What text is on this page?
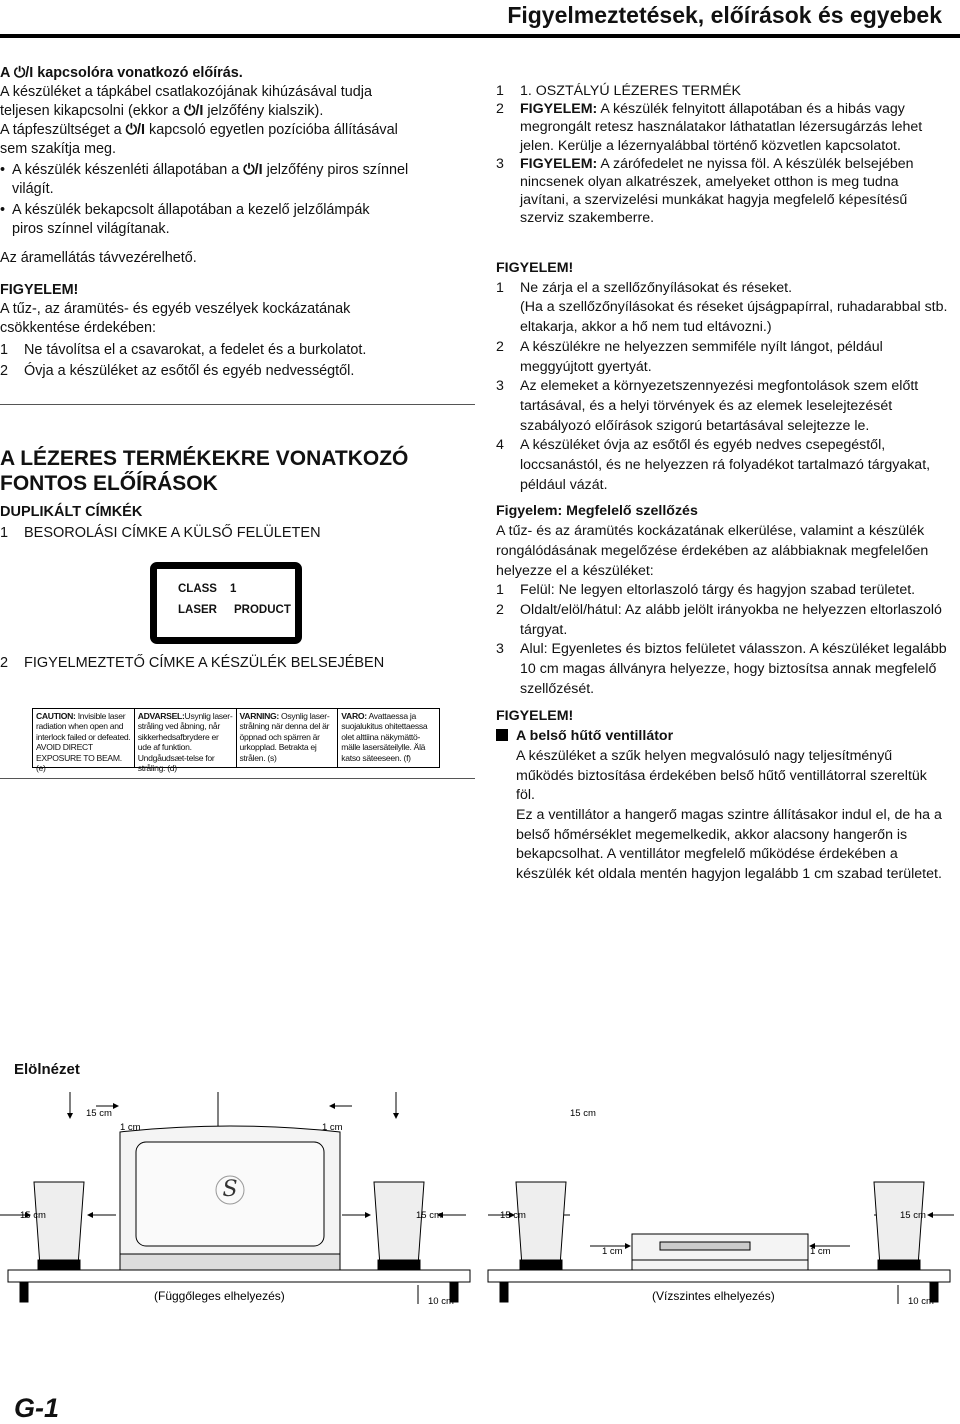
Figyelmeztetések, előírások és egyebek

A ⏻/I kapcsolóra vonatkozó előírás.

A készüléket a tápkábel csatlakozójának kihúzásával tudja

teljesen kikapcsolni (ekkor a ⏻/I jelzőfény kialszik).

A tápfeszültséget a ⏻/I kapcsoló egyetlen pozícióba állításával

sem szakítja meg.

• A készülék készenléti állapotában a ⏻/I jelzőfény piros színnel
világít.

• A készülék bekapcsolt állapotában a kezelő jelzőlámpák
piros színnel világítanak.

Az áramellátás távvezérelhető.

FIGYELEM!

A tűz-, az áramütés- és egyéb veszélyek kockázatának

csökkentése érdekében:

1	Ne távolítsa el a csavarokat, a fedelet és a burkolatot.
2	Óvja a készüléket az esőtől és egyéb nedvességtől.
A LÉZERES TERMÉKEKRE VONATKOZÓ
FONTOS ELŐÍRÁSOK
DUPLIKÁLT CÍMKÉK
1	BESOROLÁSI CÍMKE A KÜLSŐ FELÜLETEN
CLASS 1
LASER PRODUCT
2	FIGYELMEZTETŐ CÍMKE A KÉSZÜLÉK BELSEJÉBEN
CAUTION: Invisible laser radiation when open and interlock failed or defeated. AVOID DIRECT EXPOSURE TO BEAM. (e)
ADVARSEL:Usynlig laser-stråling ved åbning, når sikkerhedsafbrydere er ude af funktion. Undgåudsæt-telse for stråling. (d)
VARNING: Osynlig laser-strålning när denna del är öppnad och spärren är urkopplad. Betrakta ej strålen. (s)
VARO: Avattaessa ja suojalukitus ohitettaessa olet alttiina näkymättö-mälle lasersäteilylle. Älä katso säteeseen. (f)
1	1. OSZTÁLYÚ LÉZERES TERMÉK
2	FIGYELEM: A készülék felnyitott állapotában és a hibás vagy megrongált retesz használatakor láthatatlan lézersugárzás lehet jelen. Kerülje a lézernyalábbal történő közvetlen kapcsolatot.
3	FIGYELEM: A zárófedelet ne nyissa föl. A készülék belsejében nincsenek olyan alkatrészek, amelyeket otthon is meg tudna javítani, a szervizelési munkákat hagyja megfelelő képesítésű szerviz szakemberre.

FIGYELEM!

1	Ne zárja el a szellőzőnyílásokat és réseket.
(Ha a szellőzőnyílásokat és réseket újságpapírral, ruhadarabbal stb. eltakarja, akkor a hő nem tud eltávozni.)
2	A készülékre ne helyezzen semmiféle nyílt lángot, például meggyújtott gyertyát.
3	Az elemeket a környezetszennyezési megfontolások szem előtt tartásával, és a helyi törvények és az elemek leselejtezését szabályozó előírások szigorú betartásával selejtezze le.
4	A készüléket óvja az esőtől és egyéb nedves csepegéstől, loccsanástól, és ne helyezzen rá folyadékot tartalmazó tárgyakat, például vázát.

Figyelem: Megfelelő szellőzés

A tűz- és az áramütés kockázatának elkerülése, valamint a készülék rongálódásának megelőzése érdekében az alábbiaknak megfelelően helyezze el a készüléket:

1	Felül: Ne legyen eltorlaszoló tárgy és hagyjon szabad területet.
2	Oldalt/elöl/hátul: Az alább jelölt irányokba ne helyezzen eltorlaszoló tárgyat.
3	Alul: Egyenletes és biztos felületet válasszon. A készüléket legalább 10 cm magas állványra helyezze, hogy biztosítsa annak megfelelő szellőzését.

FIGYELEM!

A belső hűtő ventillátor

A készüléket a szűk helyen megvalósuló nagy teljesítményű működés biztosítása érdekében belső hűtő ventillátorral szereltük föl.

Ez a ventillátor a hangerő magas szintre állításakor indul el, de ha a belső hőmérséklet megemelkedik, akkor alacsony hangerőn is bekapcsolhat. A ventillátor megfelelő működése érdekében a készülék két oldala mentén hagyjon legalább 1 cm szabad területet.

Elölnézet
S
15 cm
1 cm	1 cm
15 cm
15 cm	15 cm	15 cm	15 cm
1 cm	1 cm
10 cm	10 cm
(Függőleges elhelyezés)	(Vízszintes elhelyezés)
G-1
